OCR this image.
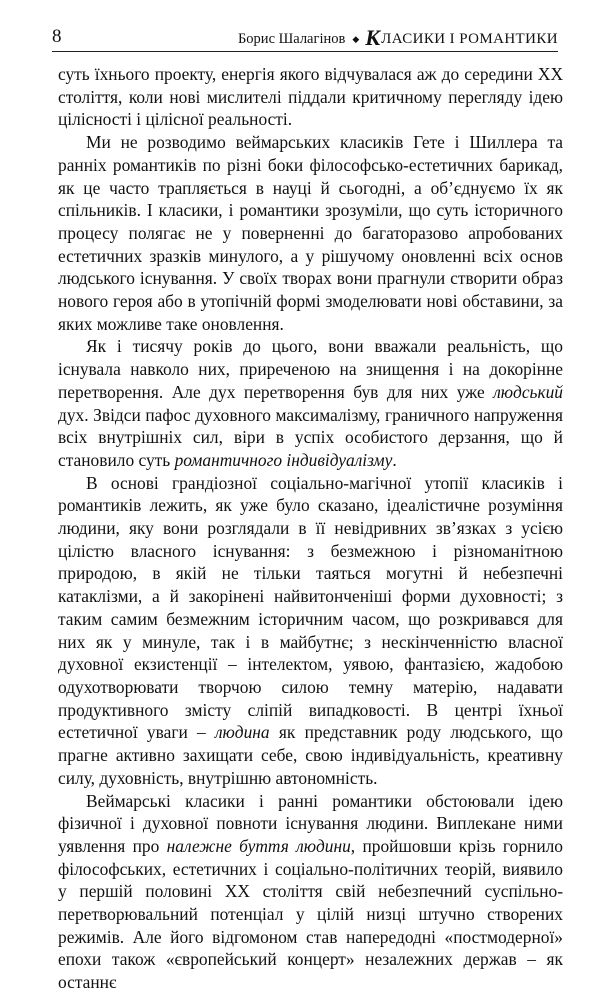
8	Борис Шалагінов ◆ К ЛАСИКИ І РОМАНТИКИ

суть їхнього проекту, енергія якого відчувалася аж до середини XX століття, коли нові мислителі піддали критичному перегляду ідею цілісності і цілісної реальності.

Ми не розводимо веймарських класиків Гете і Шиллера та ранніх романтиків по різні боки філософсько-естетичних барикад, як це часто трапляється в науці й сьогодні, а об’єднуємо їх як спільників. І класики, і романтики зрозуміли, що суть історичного процесу полягає не у поверненні до багаторазово апробованих естетичних зразків минулого, а у рішучому оновленні всіх основ людського існування. У своїх творах вони прагнули створити образ нового героя або в утопічній формі змоделювати нові обставини, за яких можливе таке оновлення.

Як і тисячу років до цього, вони вважали реальність, що існувала навколо них, приреченою на знищення і на докорінне перетворення. Але дух перетворення був для них уже людський дух. Звідси пафос духовного максималізму, граничного напруження всіх внутрішніх сил, віри в успіх особистого дерзання, що й становило суть романтичного індивідуалізму.

В основі грандіозної соціально-магічної утопії класиків і романтиків лежить, як уже було сказано, ідеалістичне розуміння людини, яку вони розглядали в її невідривних зв’язках з усією цілістю власного існування: з безмежною і різноманітною природою, в якій не тільки таяться могутні й небезпечні катаклізми, а й закорінені найвитонченіші форми духовності; з таким самим безмежним історичним часом, що розкривався для них як у минуле, так і в майбутнє; з нескінченністю власної духовної екзистенції – інтелектом, уявою, фантазією, жадобою одухотворювати творчою силою темну матерію, надавати продуктивного змісту сліпій випадковості. В центрі їхньої естетичної уваги – людина як представник роду людського, що прагне активно захищати себе, свою індивідуальність, креативну силу, духовність, внутрішню автономність.

Веймарські класики і ранні романтики обстоювали ідею фізичної і духовної повноти існування людини. Виплекане ними уявлення про належне буття людини, пройшовши крізь горнило філософських, естетичних і соціально-політичних теорій, виявило у першій половині XX століття свій небезпечний суспільно-перетворювальний потенціал у цілій низці штучно створених режимів. Але його відгомоном став напередодні «постмодерної» епохи також «європейський концерт» незалежних держав – як останнє
